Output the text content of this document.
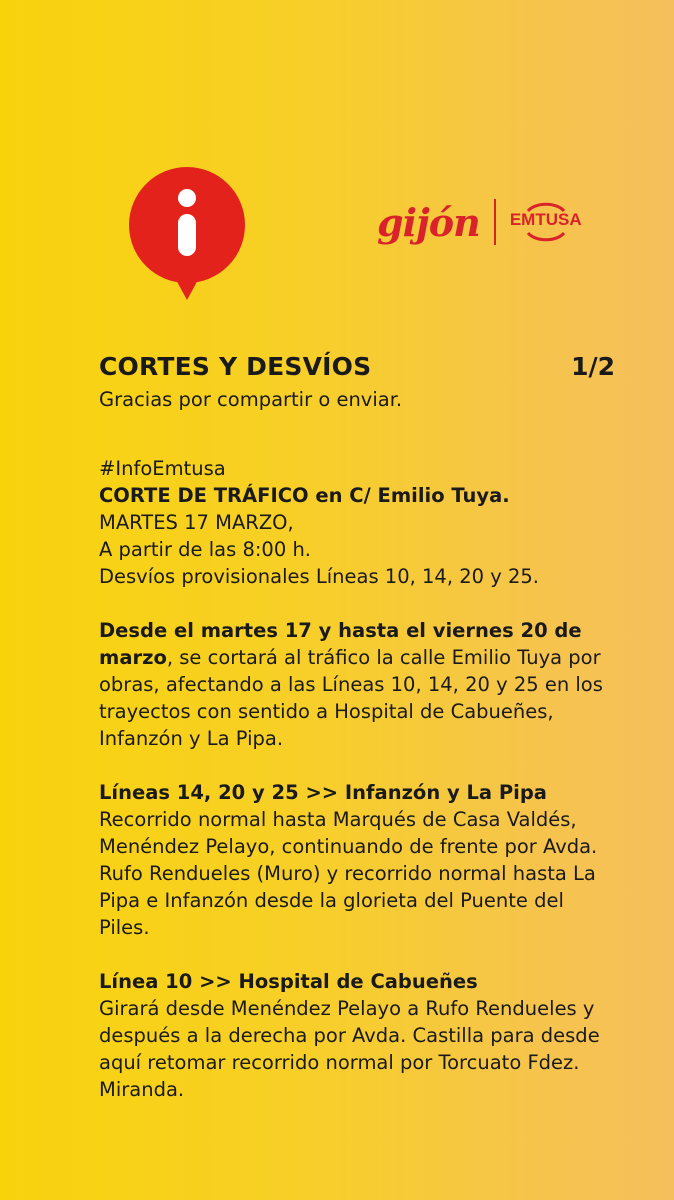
gijón EMTUSA
CORTES Y DESVÍOS	1/2
Gracias por compartir o enviar.

#InfoEmtusa

CORTE DE TRÁFICO en C/ Emilio Tuya.

MARTES 17 MARZO,

A partir de las 8:00 h.

Desvíos provisionales Líneas 10, 14, 20 y 25.

Desde el martes 17 y hasta el viernes 20 de marzo, se cortará al tráfico la calle Emilio Tuya por obras, afectando a las Líneas 10, 14, 20 y 25 en los trayectos con sentido a Hospital de Cabueñes, Infanzón y La Pipa.

Líneas 14, 20 y 25 >> Infanzón y La Pipa

Recorrido normal hasta Marqués de Casa Valdés, Menéndez Pelayo, continuando de frente por Avda. Rufo Rendueles (Muro) y recorrido normal hasta La Pipa e Infanzón desde la glorieta del Puente del Piles.

Línea 10 >> Hospital de Cabueñes

Girará desde Menéndez Pelayo a Rufo Rendueles y después a la derecha por Avda. Castilla para desde aquí retomar recorrido normal por Torcuato Fdez. Miranda.
